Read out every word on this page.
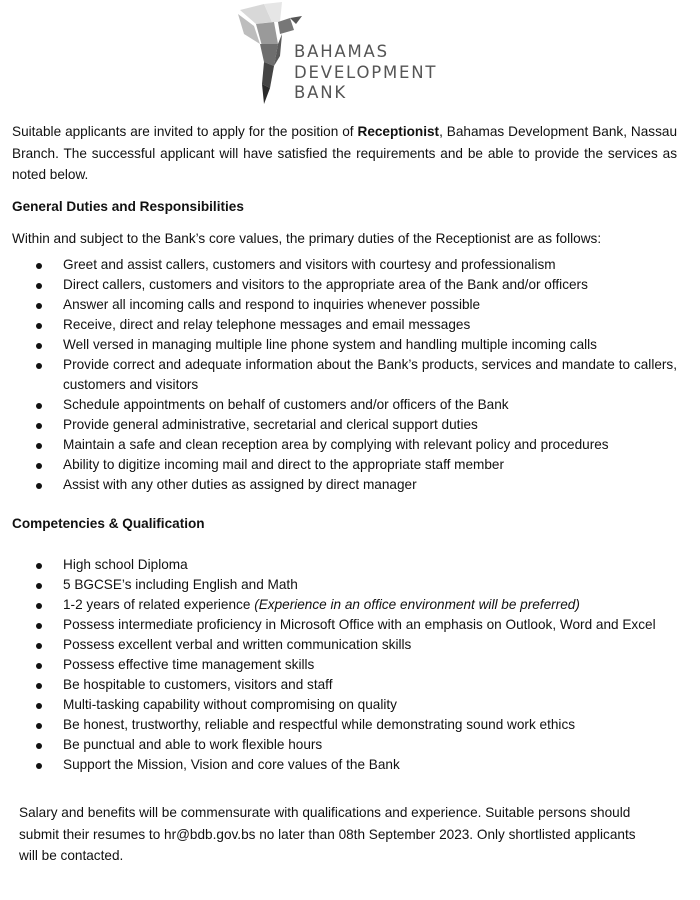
BAHAMAS
DEVELOPMENT
BANK

Suitable applicants are invited to apply for the position of Receptionist, Bahamas Development Bank, Nassau Branch. The successful applicant will have satisfied the requirements and be able to provide the services as noted below.

General Duties and Responsibilities

Within and subject to the Bank’s core values, the primary duties of the Receptionist are as follows:

Greet and assist callers, customers and visitors with courtesy and professionalism
Direct callers, customers and visitors to the appropriate area of the Bank and/or officers
Answer all incoming calls and respond to inquiries whenever possible
Receive, direct and relay telephone messages and email messages
Well versed in managing multiple line phone system and handling multiple incoming calls
Provide correct and adequate information about the Bank’s products, services and mandate to callers, customers and visitors
Schedule appointments on behalf of customers and/or officers of the Bank
Provide general administrative, secretarial and clerical support duties
Maintain a safe and clean reception area by complying with relevant policy and procedures
Ability to digitize incoming mail and direct to the appropriate staff member
Assist with any other duties as assigned by direct manager
Competencies & Qualification
High school Diploma
5 BGCSE’s including English and Math
1-2 years of related experience (Experience in an office environment will be preferred)
Possess intermediate proficiency in Microsoft Office with an emphasis on Outlook, Word and Excel
Possess excellent verbal and written communication skills
Possess effective time management skills
Be hospitable to customers, visitors and staff
Multi-tasking capability without compromising on quality
Be honest, trustworthy, reliable and respectful while demonstrating sound work ethics
Be punctual and able to work flexible hours
Support the Mission, Vision and core values of the Bank

Salary and benefits will be commensurate with qualifications and experience. Suitable persons should
submit their resumes to hr@bdb.gov.bs no later than 08th September 2023. Only shortlisted applicants
will be contacted.
